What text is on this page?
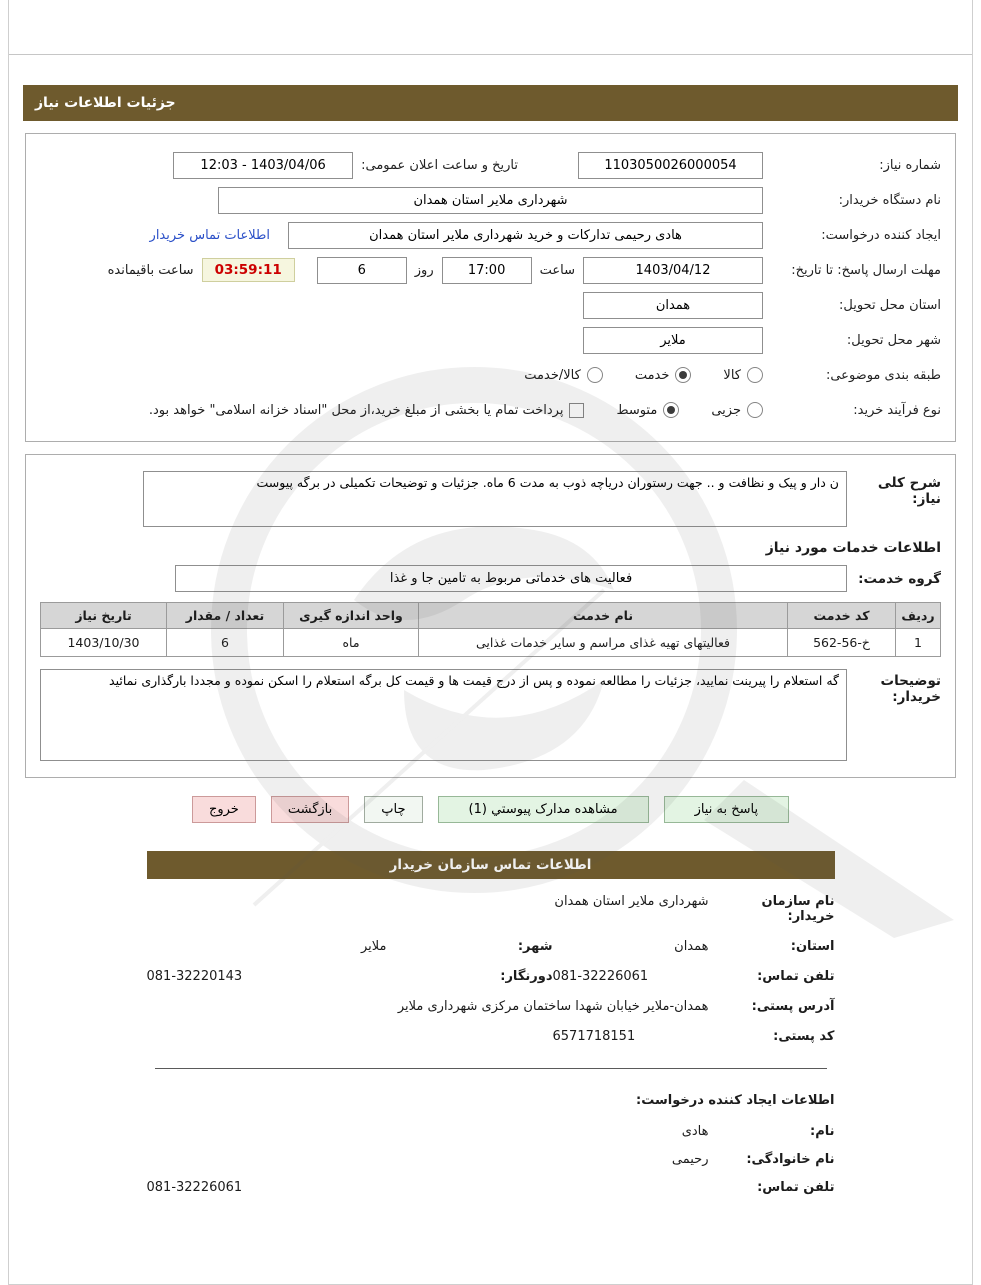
جزئیات اطلاعات نیاز
شماره نیاز:
1103050026000054
تاریخ و ساعت اعلان عمومی:
12:03 - 1403/04/06
نام دستگاه خریدار:
شهرداری ملایر استان همدان
ایجاد کننده درخواست:
هادی رحیمی تدارکات و خرید شهرداری ملایر استان همدان
اطلاعات تماس خریدار
مهلت ارسال پاسخ: تا تاریخ:
1403/04/12
ساعت
17:00
روز
6
03:59:11
ساعت باقیمانده
استان محل تحویل:
همدان
شهر محل تحویل:
ملایر
طبقه بندی موضوعی:
کالا
خدمت
کالا/خدمت
نوع فرآیند خرید:
جزیی
متوسط
پرداخت تمام یا بخشی از مبلغ خرید،از محل "اسناد خزانه اسلامی" خواهد بود.
شرح کلی نیاز:
ن دار و پیک و نظافت و .. جهت رستوران دریاچه ذوب به مدت 6 ماه. جزئیات و توضیحات تکمیلی در برگه پیوست
اطلاعات خدمات مورد نیاز
گروه خدمت:
فعالیت های خدماتی مربوط به تامین جا و غذا
ردیف	کد خدمت	نام خدمت	واحد اندازه گیری	تعداد / مقدار	تاریخ نیاز
1	خ-56-562	فعالیتهای تهیه غذای مراسم و سایر خدمات غذایی	ماه	6	1403/10/30
توضیحات خریدار:
گه استعلام را پیرینت نمایید، جزئیات را مطالعه نموده و پس از درج قیمت ها و قیمت کل برگه استعلام را اسکن نموده و مجددا بارگذاری نمائید
پاسخ به نیاز
مشاهده مدارک پیوستي (1)
چاپ
بازگشت
خروج
اطلاعات تماس سازمان خریدار
نام سازمان خریدار:
شهرداری ملایر استان همدان
استان:
همدان
شهر:
ملایر
تلفن تماس:
081-32226061
دورنگار:
081-32220143
آدرس پستی:
همدان-ملایر خیابان شهدا ساختمان مرکزی شهرداری ملایر
کد پستی:
6571718151
اطلاعات ایجاد کننده درخواست:
نام:
هادی
نام خانوادگی:
رحیمی
تلفن تماس:
081-32226061
